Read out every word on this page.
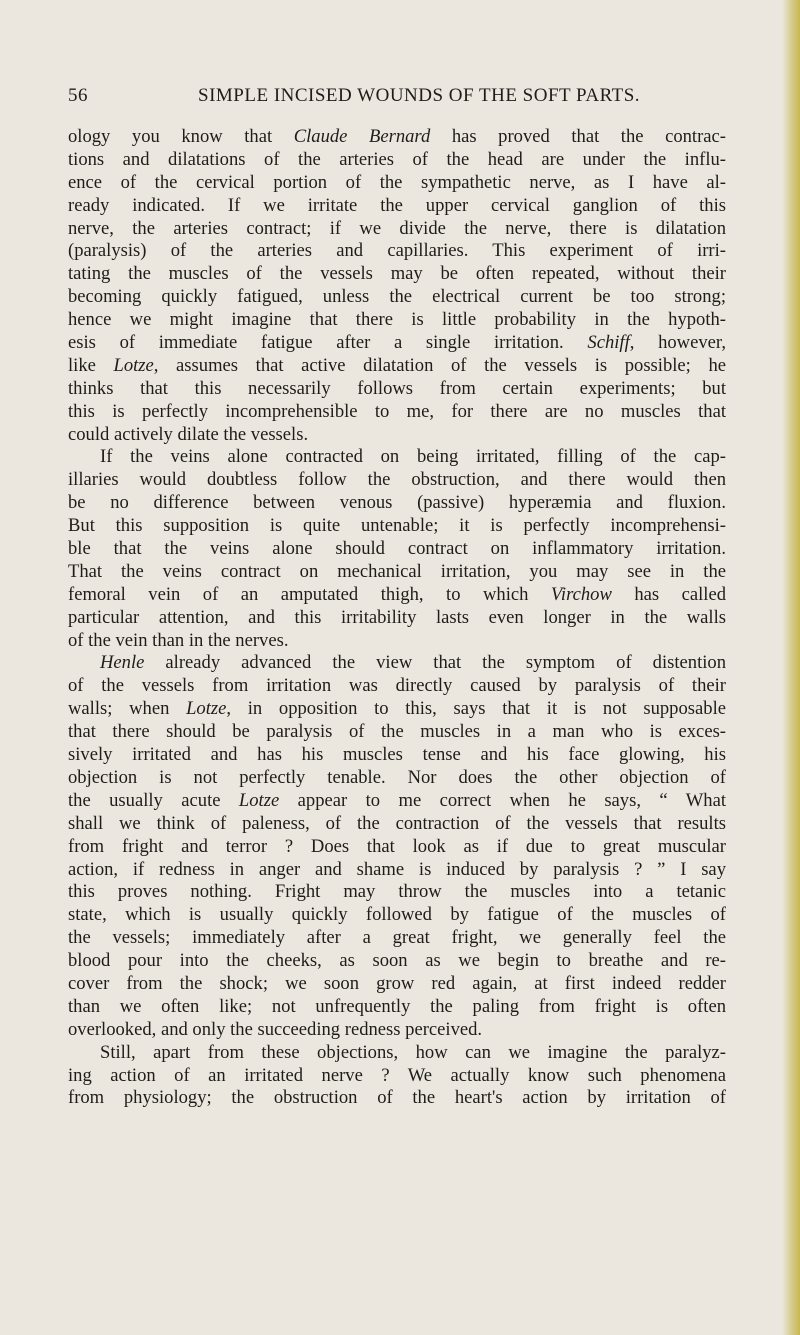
56	SIMPLE INCISED WOUNDS OF THE SOFT PARTS.
ology you know that Claude Bernard has proved that the contrac-
tions and dilatations of the arteries of the head are under the influ-
ence of the cervical portion of the sympathetic nerve, as I have al-
ready indicated. If we irritate the upper cervical ganglion of this
nerve, the arteries contract; if we divide the nerve, there is dilatation
(paralysis) of the arteries and capillaries. This experiment of irri-
tating the muscles of the vessels may be often repeated, without their
becoming quickly fatigued, unless the electrical current be too strong;
hence we might imagine that there is little probability in the hypoth-
esis of immediate fatigue after a single irritation. Schiff, however,
like Lotze, assumes that active dilatation of the vessels is possible; he
thinks that this necessarily follows from certain experiments; but
this is perfectly incomprehensible to me, for there are no muscles that
could actively dilate the vessels.
If the veins alone contracted on being irritated, filling of the cap-
illaries would doubtless follow the obstruction, and there would then
be no difference between venous (passive) hyperæmia and fluxion.
But this supposition is quite untenable; it is perfectly incomprehensi-
ble that the veins alone should contract on inflammatory irritation.
That the veins contract on mechanical irritation, you may see in the
femoral vein of an amputated thigh, to which Virchow has called
particular attention, and this irritability lasts even longer in the walls
of the vein than in the nerves.
Henle already advanced the view that the symptom of distention
of the vessels from irritation was directly caused by paralysis of their
walls; when Lotze, in opposition to this, says that it is not supposable
that there should be paralysis of the muscles in a man who is exces-
sively irritated and has his muscles tense and his face glowing, his
objection is not perfectly tenable. Nor does the other objection of
the usually acute Lotze appear to me correct when he says, “ What
shall we think of paleness, of the contraction of the vessels that results
from fright and terror ? Does that look as if due to great muscular
action, if redness in anger and shame is induced by paralysis ? ” I say
this proves nothing. Fright may throw the muscles into a tetanic
state, which is usually quickly followed by fatigue of the muscles of
the vessels; immediately after a great fright, we generally feel the
blood pour into the cheeks, as soon as we begin to breathe and re-
cover from the shock; we soon grow red again, at first indeed redder
than we often like; not unfrequently the paling from fright is often
overlooked, and only the succeeding redness perceived.
Still, apart from these objections, how can we imagine the paralyz-
ing action of an irritated nerve ? We actually know such phenomena
from physiology; the obstruction of the heart's action by irritation of
